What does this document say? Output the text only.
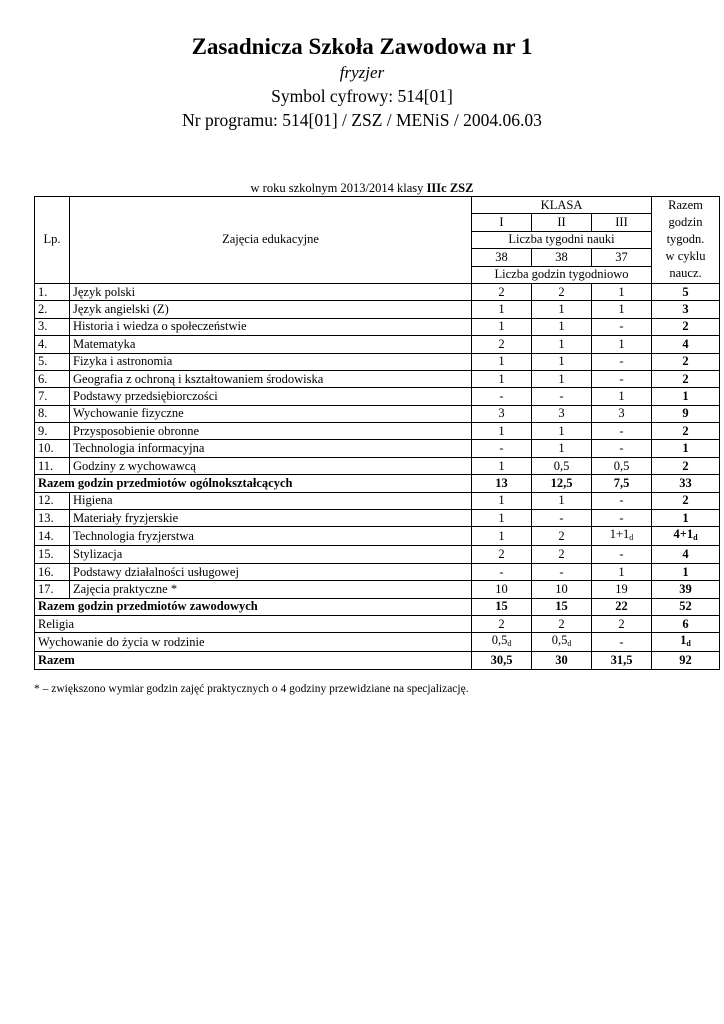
Zasadnicza Szkoła Zawodowa nr 1
fryzjer
Symbol cyfrowy: 514[01]
Nr programu: 514[01] / ZSZ / MENiS / 2004.06.03
w roku szkolnym 2013/2014 klasy IIIc ZSZ
Lp.	Zajęcia edukacyjne	KLASA			Razem
godzin
tygodn.
w cyklu
naucz.

		I	II	III	
		Liczba tygodni nauki			
		38	38	37	
		Liczba godzin tygodniowo			
1.	Język polski	2	2	1	5
2.	Język angielski (Z)	1	1	1	3
3.	Historia i wiedza o społeczeństwie	1	1	-	2
4.	Matematyka	2	1	1	4
5.	Fizyka i astronomia	1	1	-	2
6.	Geografia z ochroną i kształtowaniem środowiska	1	1	-	2
7.	Podstawy przedsiębiorczości	-	-	1	1
8.	Wychowanie fizyczne	3	3	3	9
9.	Przysposobienie obronne	1	1	-	2
10.	Technologia informacyjna	-	1	-	1
11.	Godziny z wychowawcą	1	0,5	0,5	2
Razem godzin przedmiotów ogólnokształcących		13	12,5	7,5	33
12.	Higiena	1	1	-	2
13.	Materiały fryzjerskie	1	-	-	1
14.	Technologia fryzjerstwa	1	2	$1+1_d$	$4+1_d$
15.	Stylizacja	2	2	-	4
16.	Podstawy działalności usługowej	-	-	1	1
17.	Zajęcia praktyczne *	10	10	19	39
Razem godzin przedmiotów zawodowych		15	15	22	52
Religia		2	2	2	6
Wychowanie do życia w rodzinie		$0,5_d$	$0,5_d$	-	$1_d$
Razem		30,5	30	31,5	92
* – zwiększono wymiar godzin zajęć praktycznych o 4 godziny przewidziane na specjalizację.
